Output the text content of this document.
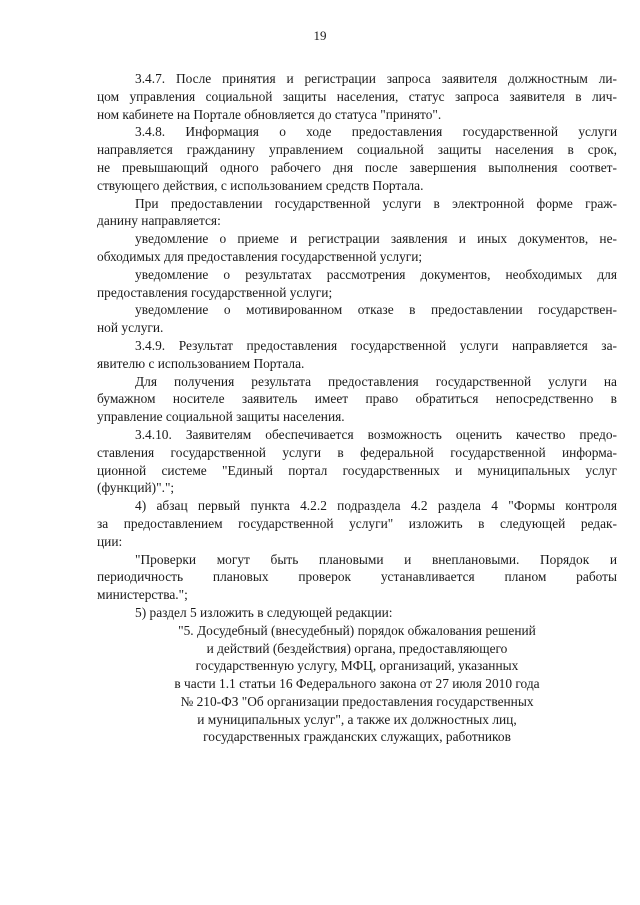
19
3.4.7. После принятия и регистрации запроса заявителя должностным ли-
цом управления социальной защиты населения, статус запроса заявителя в лич-
ном кабинете на Портале обновляется до статуса "принято".
3.4.8. Информация о ходе предоставления государственной услуги
направляется гражданину управлением социальной защиты населения в срок,
не превышающий одного рабочего дня после завершения выполнения соответ-
ствующего действия, с использованием средств Портала.
При предоставлении государственной услуги в электронной форме граж-
данину направляется:
уведомление о приеме и регистрации заявления и иных документов, не-
обходимых для предоставления государственной услуги;
уведомление о результатах рассмотрения документов, необходимых для
предоставления государственной услуги;
уведомление о мотивированном отказе в предоставлении государствен-
ной услуги.
3.4.9. Результат предоставления государственной услуги направляется за-
явителю с использованием Портала.
Для получения результата предоставления государственной услуги на
бумажном носителе заявитель имеет право обратиться непосредственно в
управление социальной защиты населения.
3.4.10. Заявителям обеспечивается возможность оценить качество предо-
ставления государственной услуги в федеральной государственной информа-
ционной системе "Единый портал государственных и муниципальных услуг
(функций)".";
4) абзац первый пункта 4.2.2 подраздела 4.2 раздела 4 "Формы контроля
за предоставлением государственной услуги" изложить в следующей редак-
ции:
"Проверки могут быть плановыми и внеплановыми. Порядок и
периодичность плановых проверок устанавливается планом работы
министерства.";
5) раздел 5 изложить в следующей редакции:
"5. Досудебный (внесудебный) порядок обжалования решений
и действий (бездействия) органа, предоставляющего
государственную услугу, МФЦ, организаций, указанных
в части 1.1 статьи 16 Федерального закона от 27 июля 2010 года
№ 210-ФЗ "Об организации предоставления государственных
и муниципальных услуг", а также их должностных лиц,
государственных гражданских служащих, работников
